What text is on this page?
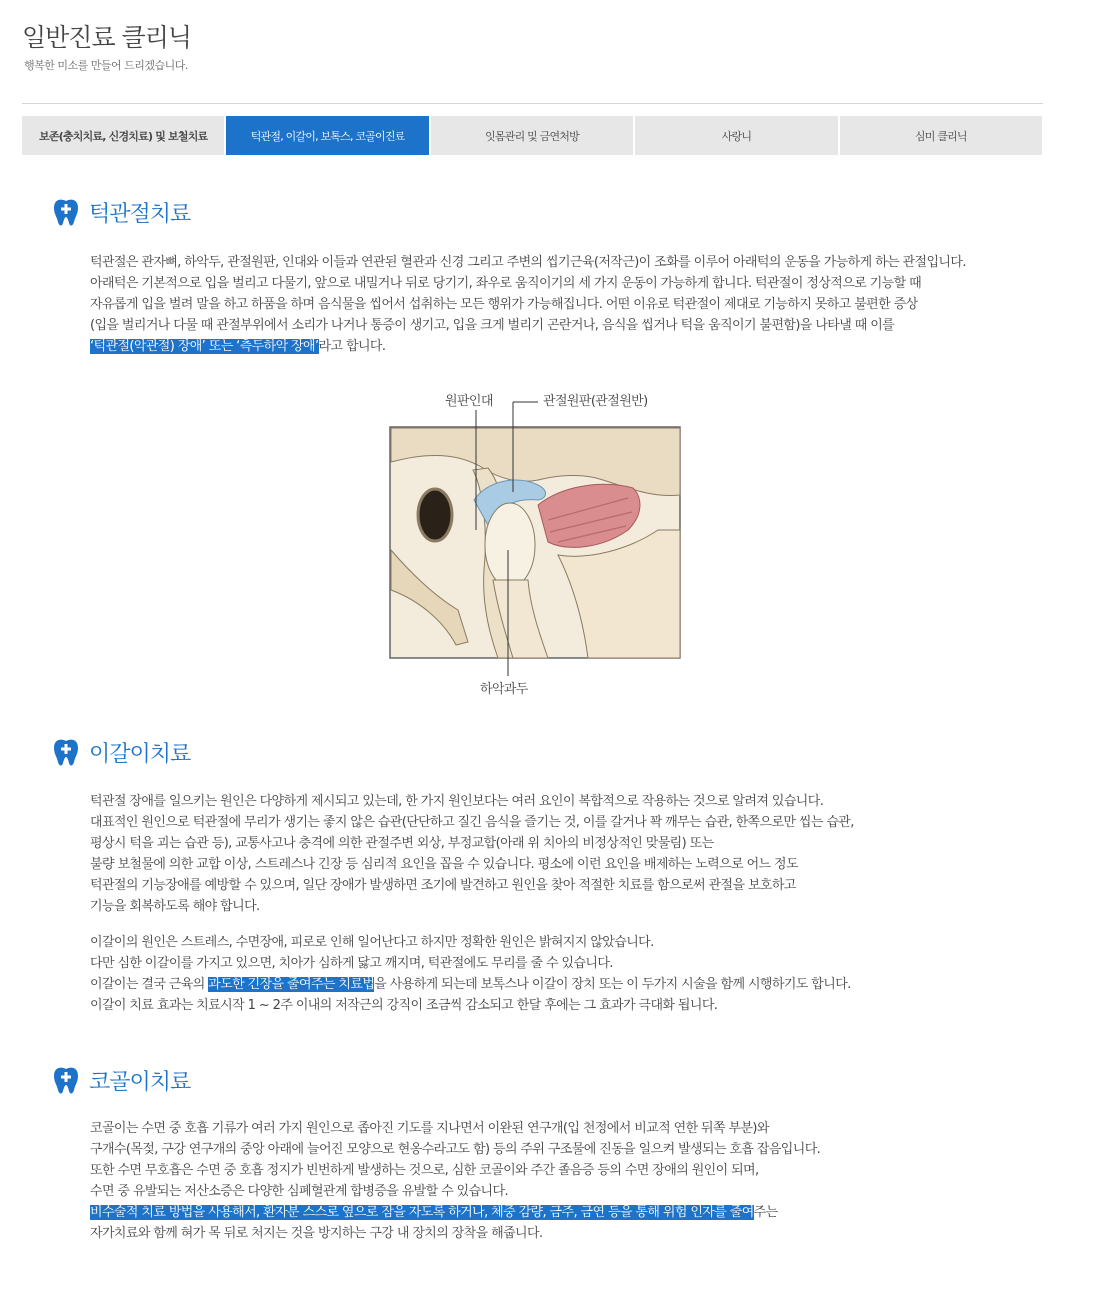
일반진료 클리닉
행복한 미소를 만들어 드리겠습니다.
보존(충치치료, 신경치료) 및 보철치료	턱관절, 이갈이, 보톡스, 코골이진료	잇몸관리 및 금연처방	사랑니	심미 클리닉
턱관절치료
턱관절은 관자뼈, 하악두, 관절원판, 인대와 이들과 연관된 혈관과 신경 그리고 주변의 씹기근육(저작근)이 조화를 이루어 아래턱의 운동을 가능하게 하는 관절입니다.
아래턱은 기본적으로 입을 벌리고 다물기, 앞으로 내밀거나 뒤로 당기기, 좌우로 움직이기의 세 가지 운동이 가능하게 합니다. 턱관절이 정상적으로 기능할 때
자유롭게 입을 벌려 말을 하고 하품을 하며 음식물을 씹어서 섭취하는 모든 행위가 가능해집니다. 어떤 이유로 턱관절이 제대로 기능하지 못하고 불편한 증상
(입을 벌리거나 다물 때 관절부위에서 소리가 나거나 통증이 생기고, 입을 크게 벌리기 곤란거나, 음식을 씹거나 턱을 움직이기 불편함)을 나타낼 때 이를
‘턱관절(악관절) 장애’ 또는 ‘측두하악 장애’라고 합니다.
원판인대	관절원판(관절원반)
하악과두
이갈이치료
턱관절 장애를 일으키는 원인은 다양하게 제시되고 있는데, 한 가지 원인보다는 여러 요인이 복합적으로 작용하는 것으로 알려져 있습니다.
대표적인 원인으로 턱관절에 무리가 생기는 좋지 않은 습관(단단하고 질긴 음식을 즐기는 것, 이를 갈거나 꽉 깨무는 습관, 한쪽으로만 씹는 습관,
평상시 턱을 괴는 습관 등), 교통사고나 충격에 의한 관절주변 외상, 부정교합(아래 위 치아의 비정상적인 맞물림) 또는
불량 보철물에 의한 교합 이상, 스트레스나 긴장 등 심리적 요인을 꼽을 수 있습니다. 평소에 이런 요인을 배제하는 노력으로 어느 정도
턱관절의 기능장애를 예방할 수 있으며, 일단 장애가 발생하면 조기에 발견하고 원인을 찾아 적절한 치료를 함으로써 관절을 보호하고
기능을 회복하도록 해야 합니다.
이갈이의 원인은 스트레스, 수면장애, 피로로 인해 일어난다고 하지만 정확한 원인은 밝혀지지 않았습니다.
다만 심한 이갈이를 가지고 있으면, 치아가 심하게 닳고 깨지며, 턱관절에도 무리를 줄 수 있습니다.
이갈이는 결국 근육의 과도한 긴장을 줄여주는 치료법을 사용하게 되는데 보톡스나 이갈이 장치 또는 이 두가지 시술을 함께 시행하기도 합니다.
이갈이 치료 효과는 치료시작 1 ~ 2주 이내의 저작근의 강직이 조금씩 감소되고 한달 후에는 그 효과가 극대화 됩니다.
코골이치료
코골이는 수면 중 호흡 기류가 여러 가지 원인으로 좁아진 기도를 지나면서 이완된 연구개(입 천정에서 비교적 연한 뒤쪽 부분)와
구개수(목젖, 구강 연구개의 중앙 아래에 늘어진 모양으로 현옹수라고도 함) 등의 주위 구조물에 진동을 일으켜 발생되는 호흡 잡음입니다.
또한 수면 무호흡은 수면 중 호흡 정지가 빈번하게 발생하는 것으로, 심한 코골이와 주간 졸음증 등의 수면 장애의 원인이 되며,
수면 중 유발되는 저산소증은 다양한 심폐혈관계 합병증을 유발할 수 있습니다.
비수술적 치료 방법을 사용해서, 환자분 스스로 옆으로 잠을 자도록 하거나, 체중 감량, 금주, 금연 등을 통해 위험 인자를 줄여주는
자가치료와 함께 혀가 목 뒤로 처지는 것을 방지하는 구강 내 장치의 장착을 해줍니다.
